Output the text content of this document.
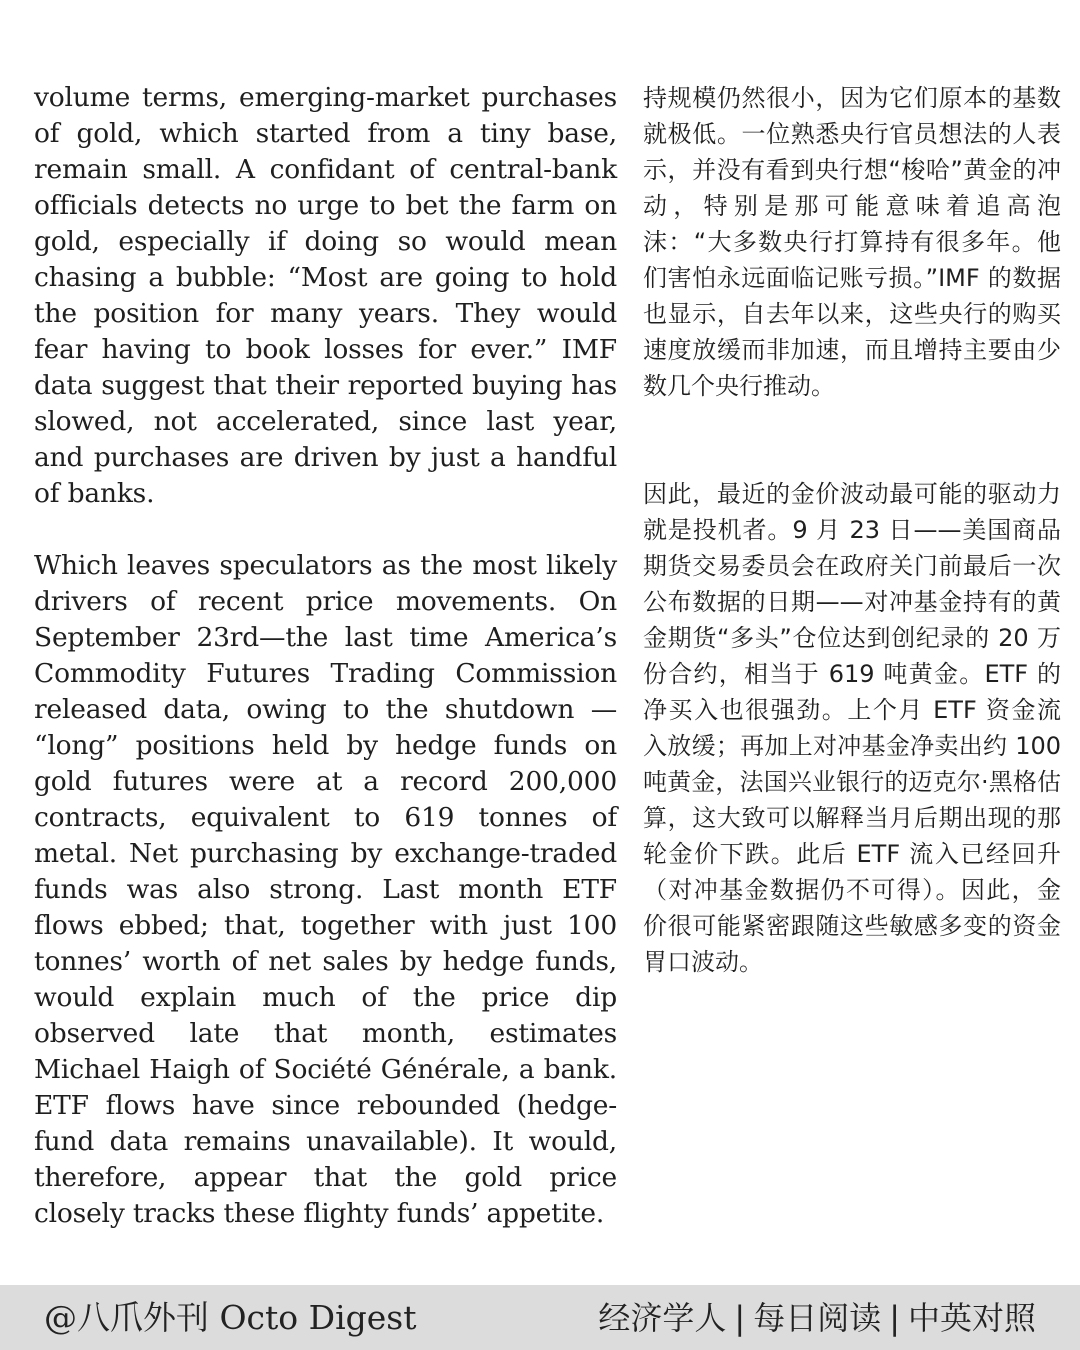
volume terms, emerging-market purchases of gold, which started from a tiny base, remain small. A confidant of central-bank officials detects no urge to bet the farm on gold, especially if doing so would mean chasing a bubble: “Most are going to hold the position for many years. They would fear having to book losses for ever.” IMF data suggest that their reported buying has slowed, not accelerated, since last year, and purchases are driven by just a handful of banks.

Which leaves speculators as the most likely drivers of recent price movements. On September 23rd—the last time America’s Commodity Futures Trading Commission released data, owing to the shutdown — “long” positions held by hedge funds on gold futures were at a record 200,000 contracts, equivalent to 619 tonnes of metal. Net purchasing by exchange-traded funds was also strong. Last month ETF flows ebbed; that, together with just 100 tonnes’ worth of net sales by hedge funds, would explain much of the price dip observed late that month, estimates Michael Haigh of Société Générale, a bank. ETF flows have since rebounded (hedge-fund data remains unavailable). It would, therefore, appear that the gold price closely tracks these flighty funds’ appetite.

持规模仍然很小，因为它们原本的基数就极低。一位熟悉央行官员想法的人表示，并没有看到央行想“梭哈”黄金的冲动，特别是那可能意味着追高泡沫：“大多数央行打算持有很多年。他们害怕永远面临记账亏损。”IMF 的数据也显示，自去年以来，这些央行的购买速度放缓而非加速，而且增持主要由少数几个央行推动。

因此，最近的金价波动最可能的驱动力就是投机者。9 月 23 日——美国商品期货交易委员会在政府关门前最后一次公布数据的日期——对冲基金持有的黄金期货“多头”仓位达到创纪录的 20 万份合约，相当于 619 吨黄金。ETF 的净买入也很强劲。上个月 ETF 资金流入放缓；再加上对冲基金净卖出约 100 吨黄金，法国兴业银行的迈克尔·黑格估算，这大致可以解释当月后期出现的那轮金价下跌。此后 ETF 流入已经回升（对冲基金数据仍不可得）。因此，金价很可能紧密跟随这些敏感多变的资金胃口波动。

@八爪外刊 Octo Digest	经济学人 | 每日阅读 | 中英对照
